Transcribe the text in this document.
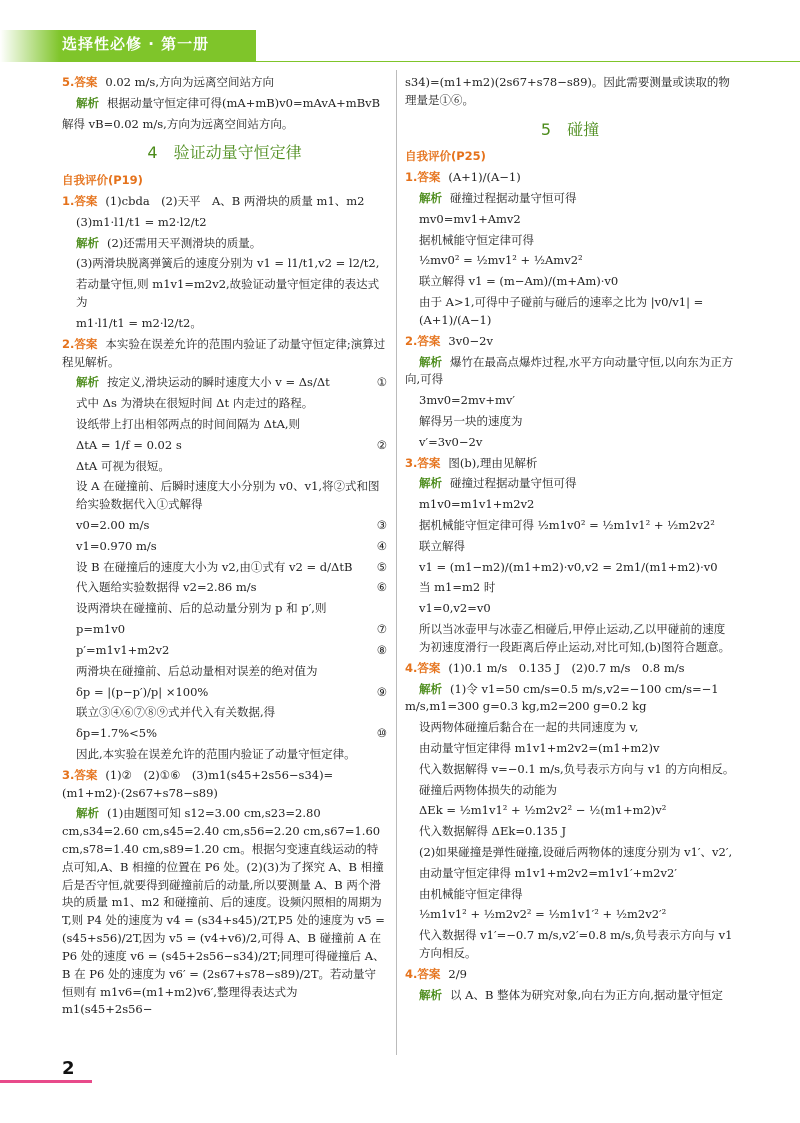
选择性必修 · 第一册
5.答案 0.02 m/s,方向为远离空间站方向
解析 根据动量守恒定律可得(mA+mB)v0=mAvA+mBvB
解得 vB=0.02 m/s,方向为远离空间站方向。
4　验证动量守恒定律
自我评价(P19)
1.答案 (1)cbda　(2)天平　A、B 两滑块的质量 m1、m2
(3)m1·l1/t1 = m2·l2/t2
解析 (2)还需用天平测滑块的质量。
(3)两滑块脱离弹簧后的速度分别为 v1 = l1/t1,v2 = l2/t2,
若动量守恒,则 m1v1=m2v2,故验证动量守恒定律的表达式为
m1·l1/t1 = m2·l2/t2。
2.答案 本实验在误差允许的范围内验证了动量守恒定律;演算过程见解析。
解析 按定义,滑块运动的瞬时速度大小 v = Δs/Δt	①
式中 Δs 为滑块在很短时间 Δt 内走过的路程。
设纸带上打出相邻两点的时间间隔为 ΔtA,则
ΔtA = 1/f = 0.02 s	②
ΔtA 可视为很短。
设 A 在碰撞前、后瞬时速度大小分别为 v0、v1,将②式和图给实验数据代入①式解得
v0=2.00 m/s	③
v1=0.970 m/s	④
设 B 在碰撞后的速度大小为 v2,由①式有 v2 = d/ΔtB ⑤
代入题给实验数据得 v2=2.86 m/s	⑥
设两滑块在碰撞前、后的总动量分别为 p 和 p′,则
p=m1v0	⑦
p′=m1v1+m2v2	⑧
两滑块在碰撞前、后总动量相对误差的绝对值为
δp = |(p−p′)/p| ×100%	⑨
联立③④⑥⑦⑧⑨式并代入有关数据,得
δp=1.7%<5%	⑩
因此,本实验在误差允许的范围内验证了动量守恒定律。
3.答案 (1)②　(2)①⑥　(3)m1(s45+2s56−s34)=(m1+m2)·(2s67+s78−s89)
解析 (1)由题图可知 s12=3.00 cm,s23=2.80 cm,s34=2.60 cm,s45=2.40 cm,s56=2.20 cm,s67=1.60 cm,s78=1.40 cm,s89=1.20 cm。根据匀变速直线运动的特点可知,A、B 相撞的位置在 P6 处。(2)(3)为了探究 A、B 相撞后是否守恒,就要得到碰撞前后的动量,所以要测量 A、B 两个滑块的质量 m1、m2 和碰撞前、后的速度。设频闪照相的周期为 T,则 P4 处的速度为 v4 = (s34+s45)/2T,P5 处的速度为 v5 = (s45+s56)/2T,因为 v5 = (v4+v6)/2,可得 A、B 碰撞前 A 在 P6 处的速度 v6 = (s45+2s56−s34)/2T;同理可得碰撞后 A、B 在 P6 处的速度为 v6′ = (2s67+s78−s89)/2T。若动量守恒则有 m1v6=(m1+m2)v6′,整理得表达式为 m1(s45+2s56−
s34)=(m1+m2)(2s67+s78−s89)。因此需要测量或读取的物理量是①⑥。
5　碰撞
自我评价(P25)
1.答案 (A+1)/(A−1)
解析 碰撞过程据动量守恒可得
mv0=mv1+Amv2
据机械能守恒定律可得
½mv0² = ½mv1² + ½Amv2²
联立解得 v1 = (m−Am)/(m+Am)·v0
由于 A>1,可得中子碰前与碰后的速率之比为 |v0/v1| = (A+1)/(A−1)
2.答案 3v0−2v
解析 爆竹在最高点爆炸过程,水平方向动量守恒,以向东为正方向,可得
3mv0=2mv+mv′
解得另一块的速度为
v′=3v0−2v
3.答案 图(b),理由见解析
解析 碰撞过程据动量守恒可得
m1v0=m1v1+m2v2
据机械能守恒定律可得 ½m1v0² = ½m1v1² + ½m2v2²
联立解得
v1 = (m1−m2)/(m1+m2)·v0,v2 = 2m1/(m1+m2)·v0
当 m1=m2 时
v1=0,v2=v0
所以当冰壶甲与冰壶乙相碰后,甲停止运动,乙以甲碰前的速度为初速度滑行一段距离后停止运动,对比可知,(b)图符合题意。
4.答案 (1)0.1 m/s　0.135 J　(2)0.7 m/s　0.8 m/s
解析 (1)令 v1=50 cm/s=0.5 m/s,v2=−100 cm/s=−1 m/s,m1=300 g=0.3 kg,m2=200 g=0.2 kg
设两物体碰撞后黏合在一起的共同速度为 v,
由动量守恒定律得 m1v1+m2v2=(m1+m2)v
代入数据解得 v=−0.1 m/s,负号表示方向与 v1 的方向相反。
碰撞后两物体损失的动能为
ΔEk = ½m1v1² + ½m2v2² − ½(m1+m2)v²
代入数据解得 ΔEk=0.135 J
(2)如果碰撞是弹性碰撞,设碰后两物体的速度分别为 v1′、v2′,
由动量守恒定律得 m1v1+m2v2=m1v1′+m2v2′
由机械能守恒定律得
½m1v1² + ½m2v2² = ½m1v1′² + ½m2v2′²
代入数据得 v1′=−0.7 m/s,v2′=0.8 m/s,负号表示方向与 v1 方向相反。
4.答案 2/9
解析 以 A、B 整体为研究对象,向右为正方向,据动量守恒定
2
